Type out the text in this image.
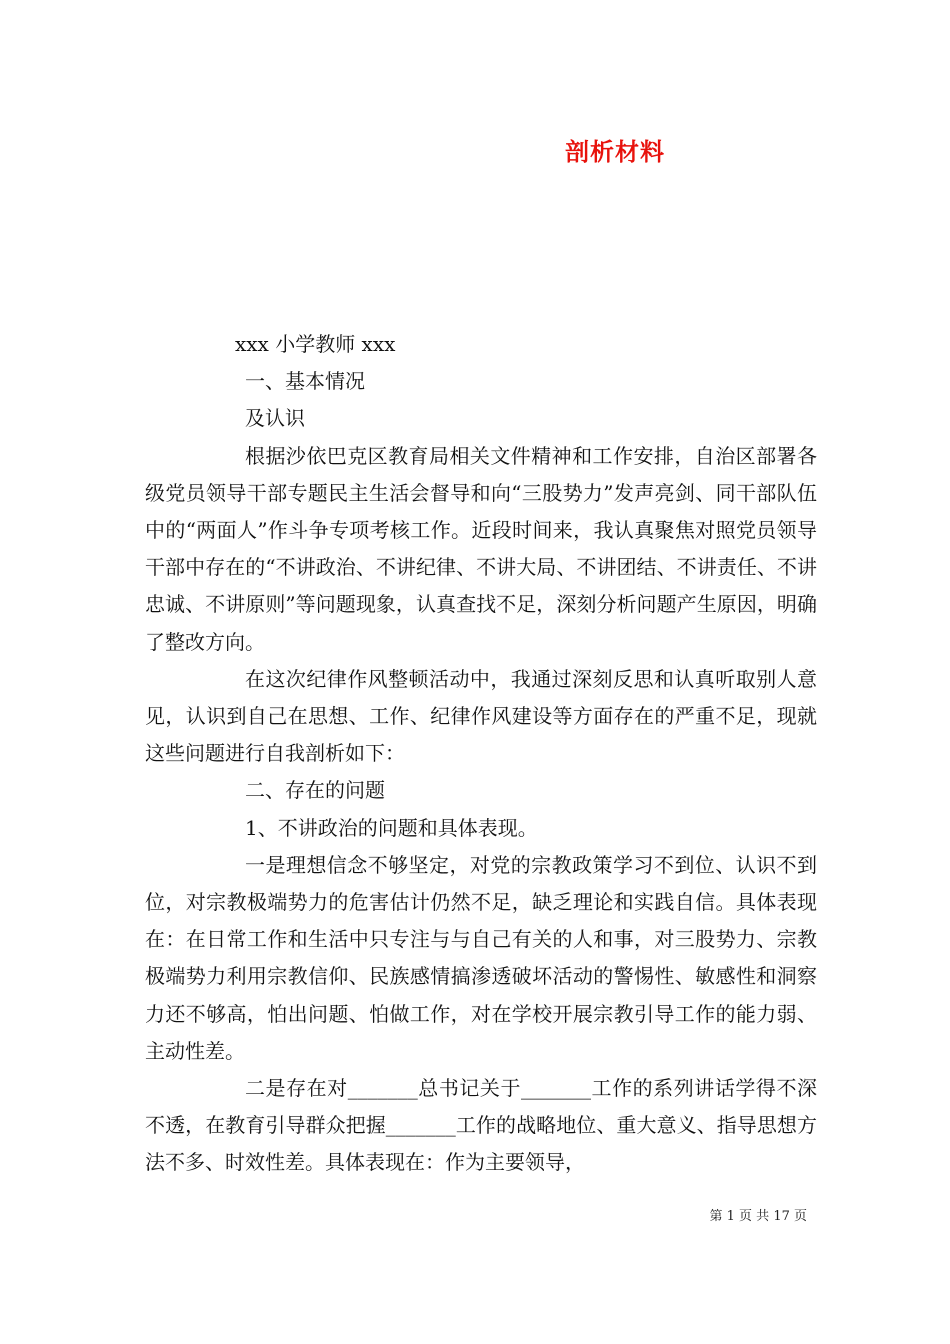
剖析材料

xxx 小学教师 xxx

一、基本情况

及认识

根据沙依巴克区教育局相关文件精神和工作安排，自治区部署各级党员领导干部专题民主生活会督导和向“三股势力”发声亮剑、同干部队伍中的“两面人”作斗争专项考核工作。近段时间来，我认真聚焦对照党员领导干部中存在的“不讲政治、不讲纪律、不讲大局、不讲团结、不讲责任、不讲忠诚、不讲原则”等问题现象，认真查找不足，深刻分析问题产生原因，明确了整改方向。

在这次纪律作风整顿活动中，我通过深刻反思和认真听取别人意见，认识到自己在思想、工作、纪律作风建设等方面存在的严重不足，现就这些问题进行自我剖析如下：

二、存在的问题

1、不讲政治的问题和具体表现。

一是理想信念不够坚定，对党的宗教政策学习不到位、认识不到位，对宗教极端势力的危害估计仍然不足，缺乏理论和实践自信。具体表现在：在日常工作和生活中只专注与与自己有关的人和事，对三股势力、宗教极端势力利用宗教信仰、民族感情搞渗透破坏活动的警惕性、敏感性和洞察力还不够高，怕出问题、怕做工作，对在学校开展宗教引导工作的能力弱、主动性差。

二是存在对_______总书记关于_______工作的系列讲话学得不深不透，在教育引导群众把握_______工作的战略地位、重大意义、指导思想方法不多、时效性差。具体表现在：作为主要领导，

第 1 页 共 17 页
